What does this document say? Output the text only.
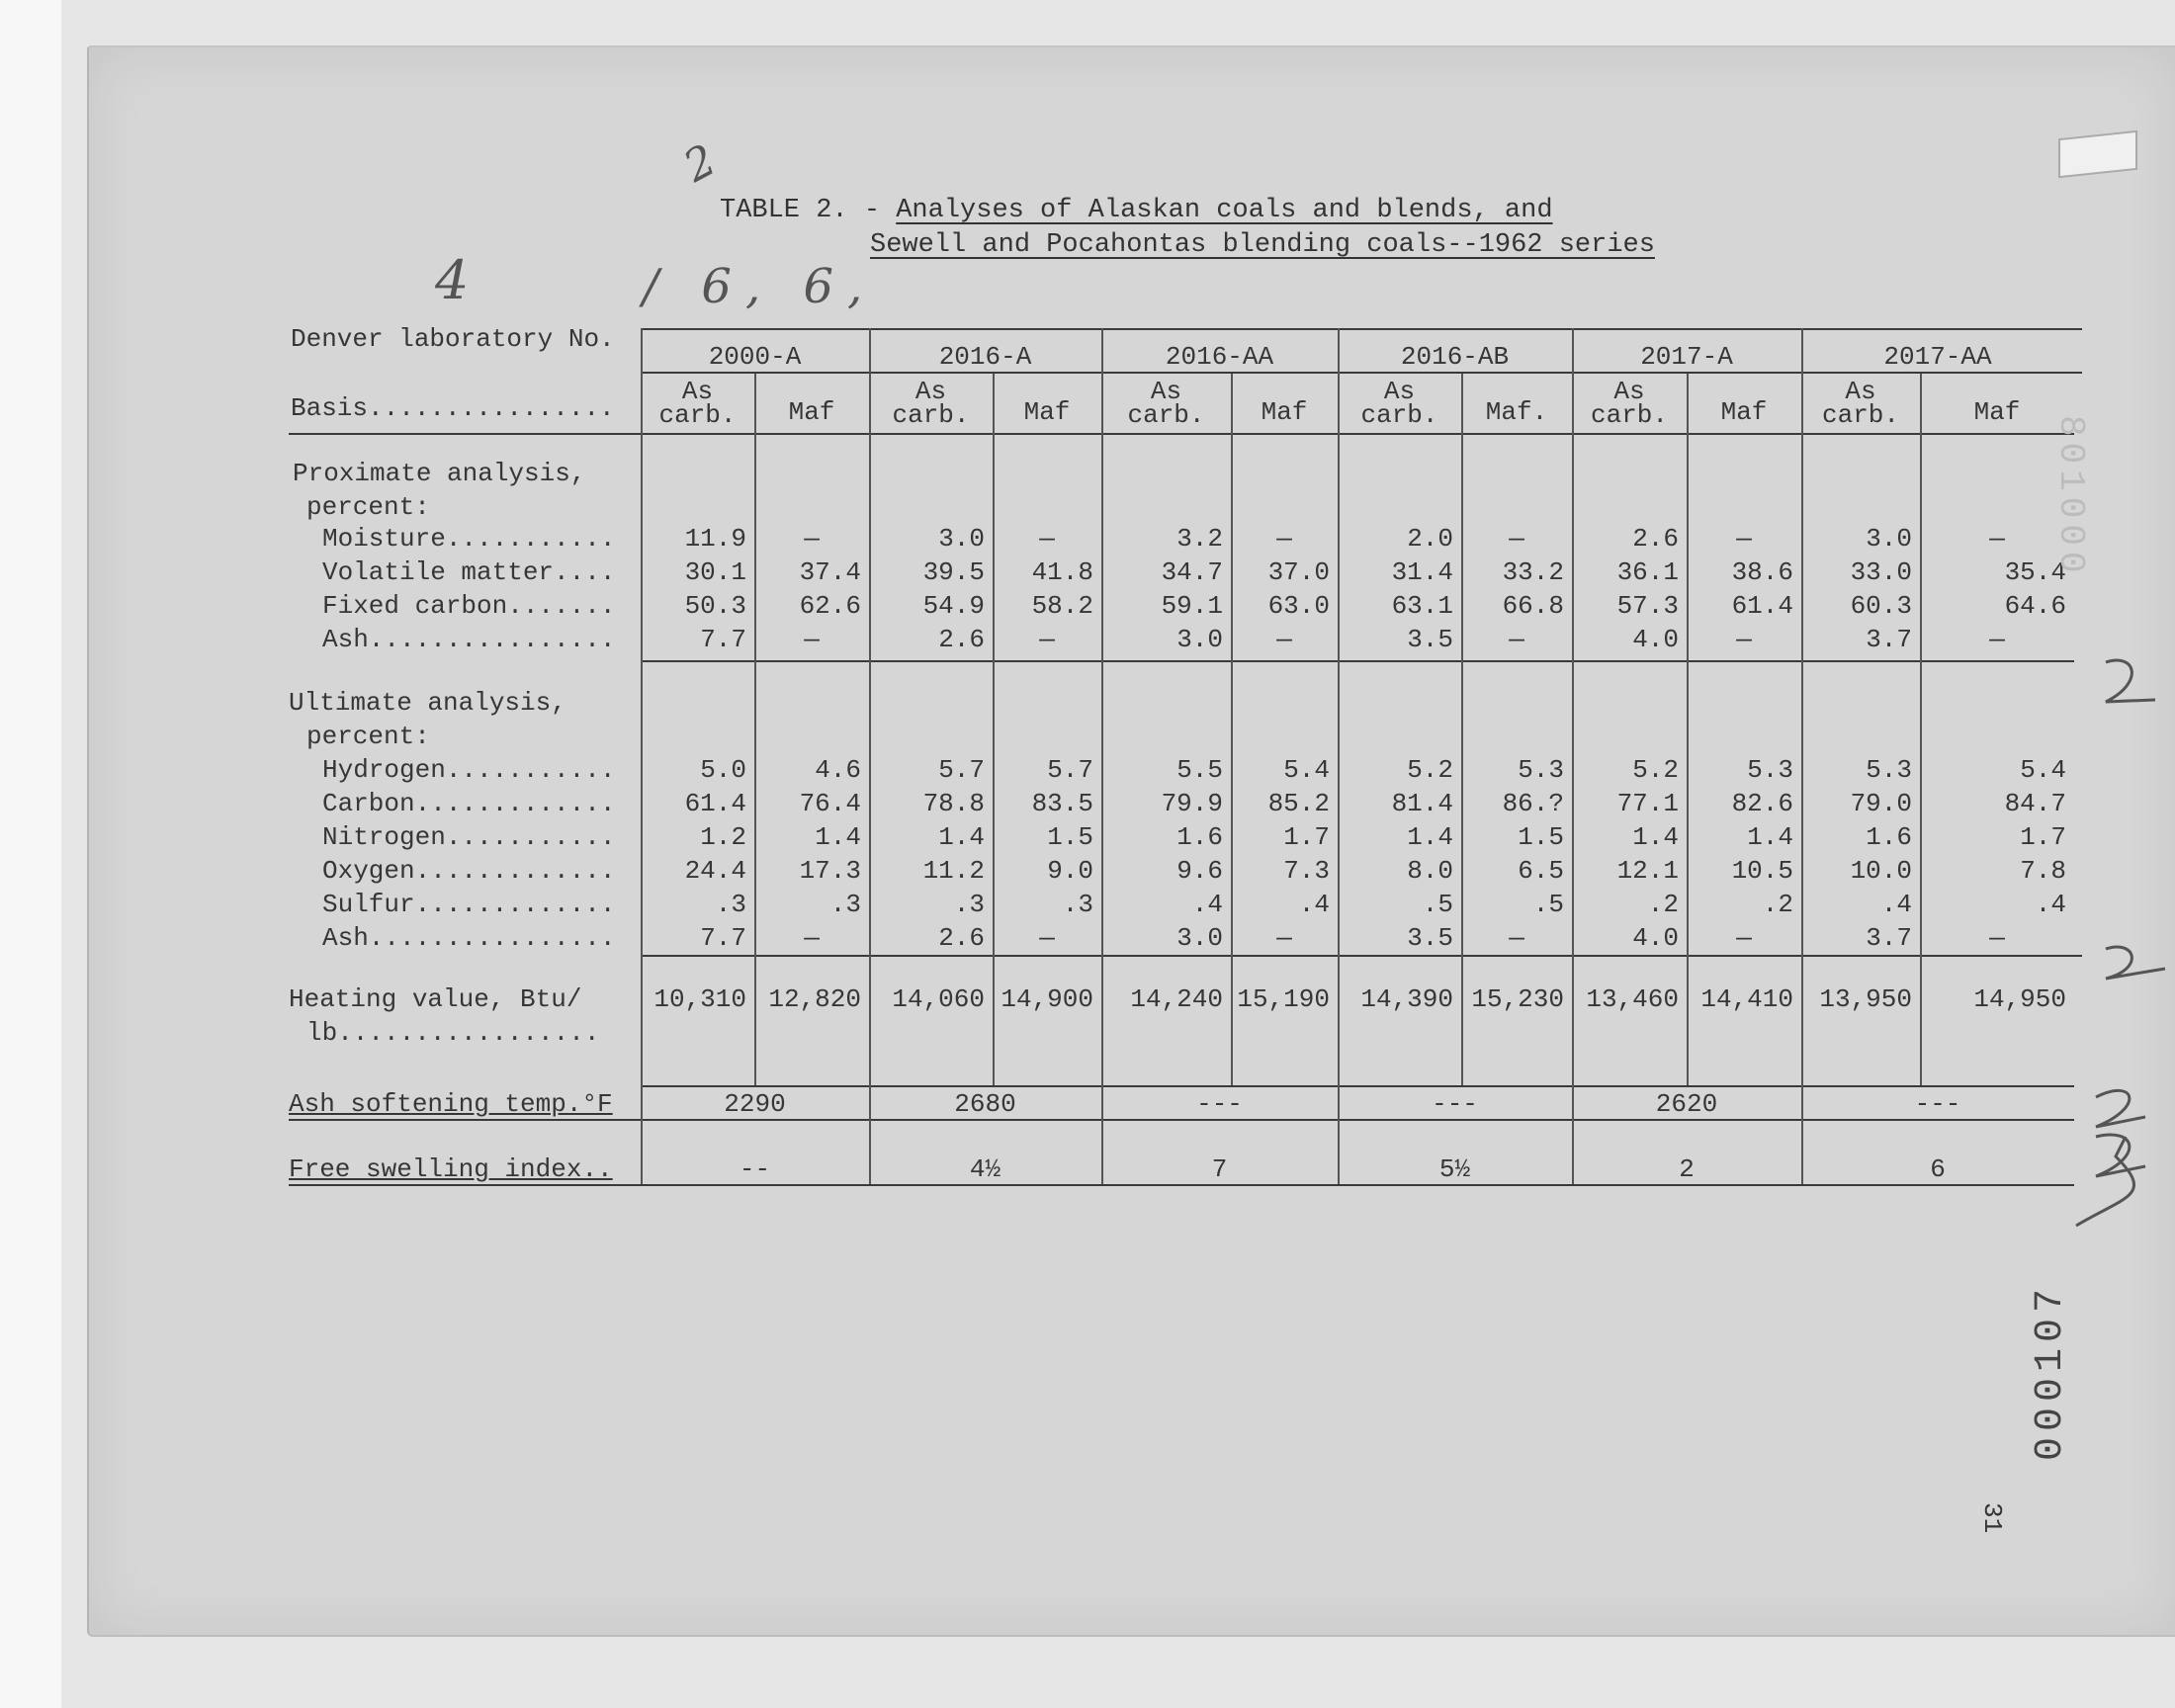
TABLE 2. - Analyses of Alaskan coals and blends, and
Sewell and Pocahontas blending coals--1962 series
2
4	/ 6, 6,
Denver laboratory No.
Basis................
2000-A	2016-A	2016-AA	2016-AB	2017-A	2017-AA
As
carb.	Maf
As
carb.	Maf
As
carb.	Maf
As
carb.	Maf.
As
carb.	Maf
As
carb.	Maf
Proximate analysis,
percent:
Moisture...........	11.9	—	3.0	—	3.2	—	2.0	—	2.6	—	3.0	—
Volatile matter....	30.1	37.4	39.5	41.8	34.7	37.0	31.4	33.2	36.1	38.6	33.0	35.4
Fixed carbon.......	50.3	62.6	54.9	58.2	59.1	63.0	63.1	66.8	57.3	61.4	60.3	64.6
Ash................	7.7	—	2.6	—	3.0	—	3.5	—	4.0	—	3.7	—
Ultimate analysis,
percent:
Hydrogen...........	5.0	4.6	5.7	5.7	5.5	5.4	5.2	5.3	5.2	5.3	5.3	5.4
Carbon.............	61.4	76.4	78.8	83.5	79.9	85.2	81.4	86.?	77.1	82.6	79.0	84.7
Nitrogen...........	1.2	1.4	1.4	1.5	1.6	1.7	1.4	1.5	1.4	1.4	1.6	1.7
Oxygen.............	24.4	17.3	11.2	9.0	9.6	7.3	8.0	6.5	12.1	10.5	10.0	7.8
Sulfur.............	.3	.3	.3	.3	.4	.4	.5	.5	.2	.2	.4	.4
Ash................	7.7	—	2.6	—	3.0	—	3.5	—	4.0	—	3.7	—
Heating value, Btu/
lb.................
10,310 12,820	14,060 14,900	14,240 15,190	14,390 15,230 13,460 14,410	13,950	14,950
Ash softening temp.°F	2290	2680	---	---	2620	---
Free swelling index..	--	4½	7	5½	2	6
801000
000107
31
